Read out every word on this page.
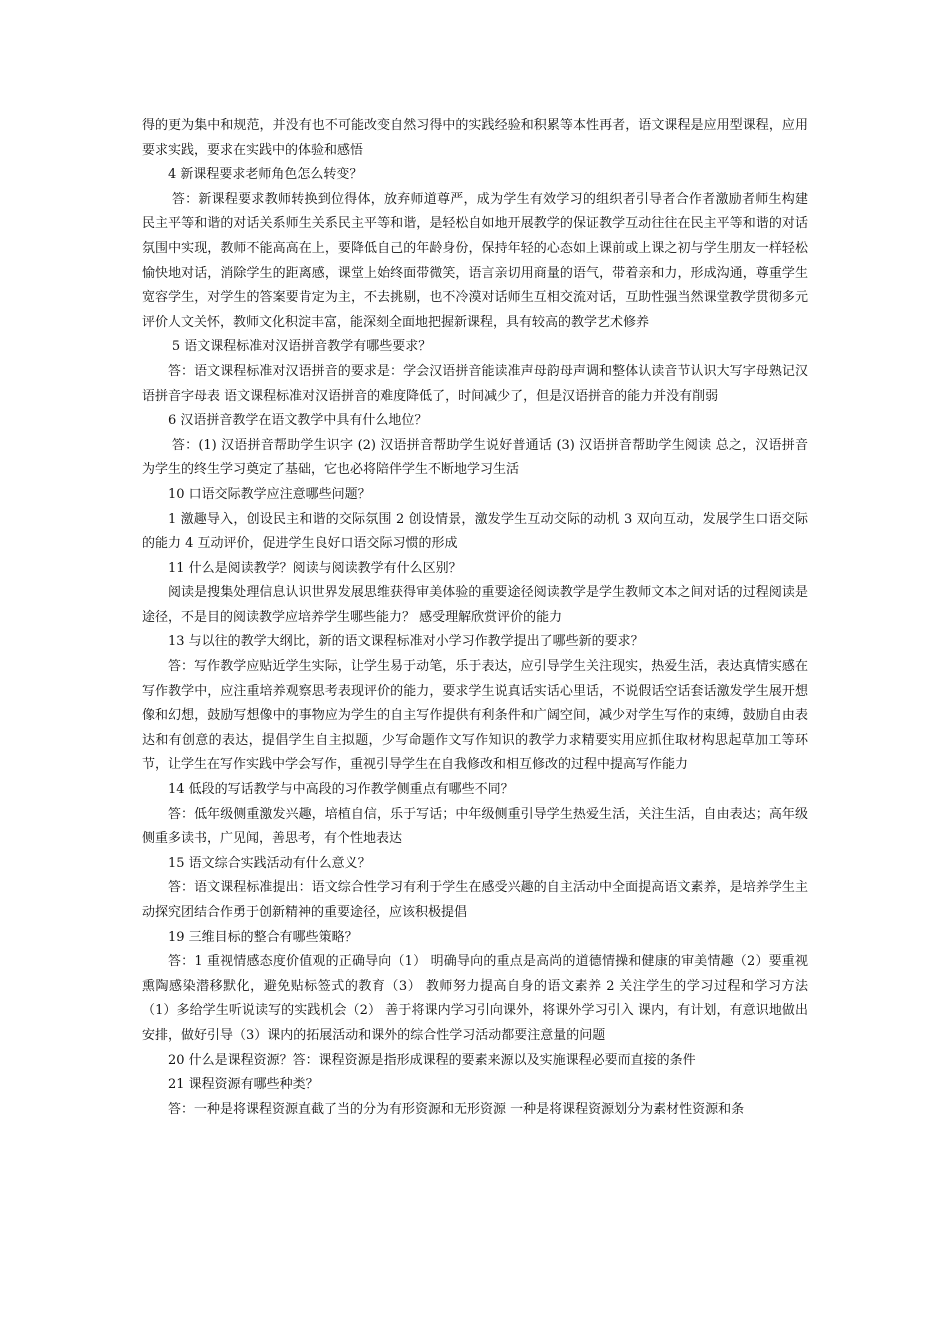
得的更为集中和规范，并没有也不可能改变自然习得中的实践经验和积累等本性再者，语文课程是应用型课程，应用要求实践，要求在实践中的体验和感悟

4 新课程要求老师角色怎么转变？

答：新课程要求教师转换到位得体，放弃师道尊严，成为学生有效学习的组织者引导者合作者激励者师生构建民主平等和谐的对话关系师生关系民主平等和谐，是轻松自如地开展教学的保证教学互动往往在民主平等和谐的对话氛围中实现，教师不能高高在上，要降低自己的年龄身份，保持年轻的心态如上课前或上课之初与学生朋友一样轻松愉快地对话，消除学生的距离感，课堂上始终面带微笑，语言亲切用商量的语气，带着亲和力，形成沟通，尊重学生宽容学生，对学生的答案要肯定为主，不去挑剔，也不冷漠对话师生互相交流对话，互助性强当然课堂教学贯彻多元评价人文关怀，教师文化积淀丰富，能深刻全面地把握新课程，具有较高的教学艺术修养

5 语文课程标准对汉语拼音教学有哪些要求？

答：语文课程标准对汉语拼音的要求是：学会汉语拼音能读准声母韵母声调和整体认读音节认识大写字母熟记汉语拼音字母表 语文课程标准对汉语拼音的难度降低了，时间减少了，但是汉语拼音的能力并没有削弱

6 汉语拼音教学在语文教学中具有什么地位？

答：(1) 汉语拼音帮助学生识字 (2) 汉语拼音帮助学生说好普通话 (3) 汉语拼音帮助学生阅读 总之，汉语拼音为学生的终生学习奠定了基础，它也必将陪伴学生不断地学习生活

10 口语交际教学应注意哪些问题？

1 激趣导入，创设民主和谐的交际氛围 2 创设情景，激发学生互动交际的动机 3 双向互动，发展学生口语交际的能力 4 互动评价，促进学生良好口语交际习惯的形成

11 什么是阅读教学？阅读与阅读教学有什么区别？

阅读是搜集处理信息认识世界发展思维获得审美体验的重要途径阅读教学是学生教师文本之间对话的过程阅读是途径，不是目的阅读教学应培养学生哪些能力？ 感受理解欣赏评价的能力

13 与以往的教学大纲比，新的语文课程标准对小学习作教学提出了哪些新的要求？

答：写作教学应贴近学生实际，让学生易于动笔，乐于表达，应引导学生关注现实，热爱生活，表达真情实感在写作教学中，应注重培养观察思考表现评价的能力，要求学生说真话实话心里话，不说假话空话套话激发学生展开想像和幻想，鼓励写想像中的事物应为学生的自主写作提供有利条件和广阔空间，减少对学生写作的束缚，鼓励自由表达和有创意的表达，提倡学生自主拟题，少写命题作文写作知识的教学力求精要实用应抓住取材构思起草加工等环节，让学生在写作实践中学会写作，重视引导学生在自我修改和相互修改的过程中提高写作能力

14 低段的写话教学与中高段的习作教学侧重点有哪些不同？

答：低年级侧重激发兴趣，培植自信，乐于写话；中年级侧重引导学生热爱生活，关注生活，自由表达；高年级侧重多读书，广见闻，善思考，有个性地表达

15 语文综合实践活动有什么意义？

答：语文课程标准提出：语文综合性学习有利于学生在感受兴趣的自主活动中全面提高语文素养，是培养学生主动探究团结合作勇于创新精神的重要途径，应该积极提倡

19 三维目标的整合有哪些策略？

答：1 重视情感态度价值观的正确导向（1） 明确导向的重点是高尚的道德情操和健康的审美情趣（2）要重视熏陶感染潜移默化，避免贴标签式的教育（3） 教师努力提高自身的语文素养 2 关注学生的学习过程和学习方法（1）多给学生听说读写的实践机会（2） 善于将课内学习引向课外，将课外学习引入 课内，有计划，有意识地做出安排，做好引导（3）课内的拓展活动和课外的综合性学习活动都要注意量的问题

20 什么是课程资源？答：课程资源是指形成课程的要素来源以及实施课程必要而直接的条件

21 课程资源有哪些种类？

答：一种是将课程资源直截了当的分为有形资源和无形资源 一种是将课程资源划分为素材性资源和条
